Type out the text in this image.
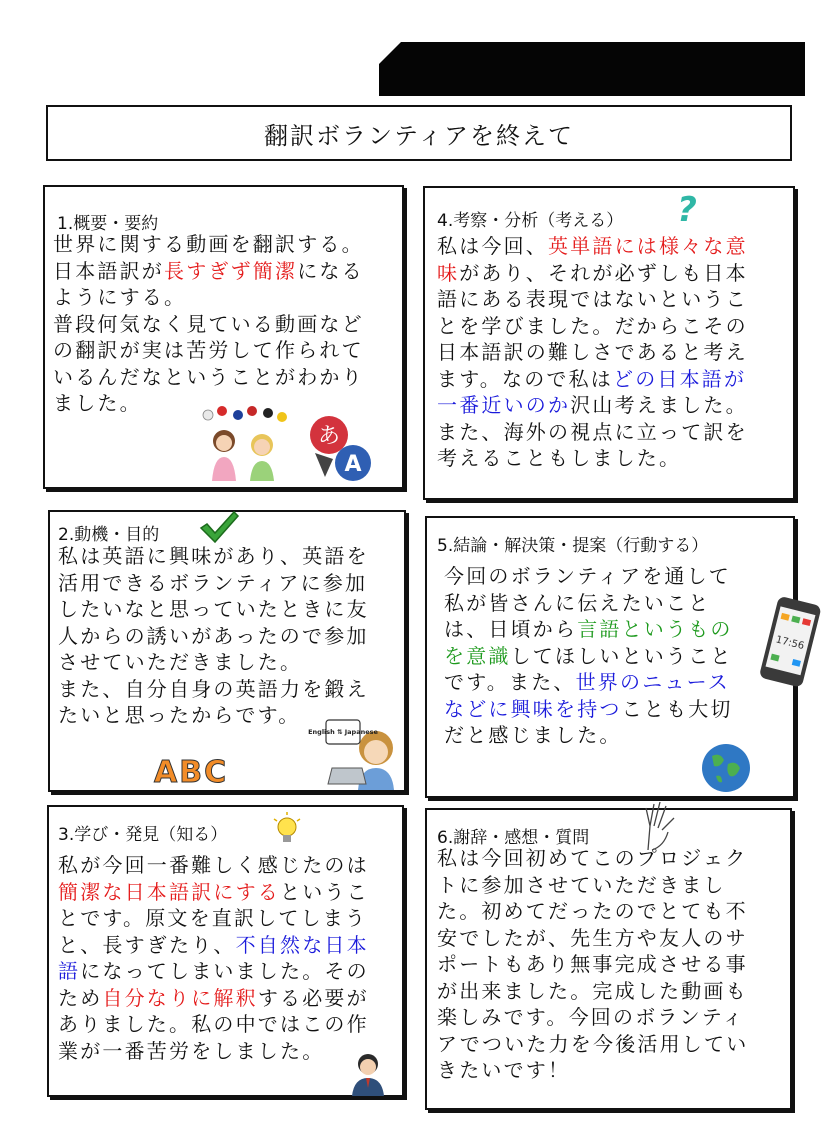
翻訳ボランティアを終えて
1.概要・要約
世界に関する動画を翻訳する。
日本語訳が長すぎず簡潔になる
ようにする。
普段何気なく見ている動画など
の翻訳が実は苦労して作られて
いるんだなということがわかり
ました。
4.考察・分析（考える）
私は今回、英単語には様々な意
味があり、それが必ずしも日本
語にある表現ではないというこ
とを学びました。だからこその
日本語訳の難しさであると考え
ます。なので私はどの日本語が
一番近いのか沢山考えました。
また、海外の視点に立って訳を
考えることもしました。
2.動機・目的
私は英語に興味があり、英語を
活用できるボランティアに参加
したいなと思っていたときに友
人からの誘いがあったので参加
させていただきました。
また、自分自身の英語力を鍛え
たいと思ったからです。
5.結論・解決策・提案（行動する）
今回のボランティアを通して
私が皆さんに伝えたいこと
は、日頃から言語というもの
を意識してほしいということ
です。また、世界のニュース
などに興味を持つことも大切
だと感じました。
3.学び・発見（知る）
私が今回一番難しく感じたのは
簡潔な日本語訳にするというこ
とです。原文を直訳してしまう
と、長すぎたり、不自然な日本
語になってしまいました。その
ため自分なりに解釈する必要が
ありました。私の中ではこの作
業が一番苦労をしました。
6.謝辞・感想・質問
私は今回初めてこのプロジェク
トに参加させていただきまし
た。初めてだったのでとても不
安でしたが、先生方や友人のサ
ポートもあり無事完成させる事
が出来ました。完成した動画も
楽しみです。今回のボランティ
アでついた力を今後活用してい
きたいです！
あ
A
?
ABC
English ⇅ Japanese
17:56
